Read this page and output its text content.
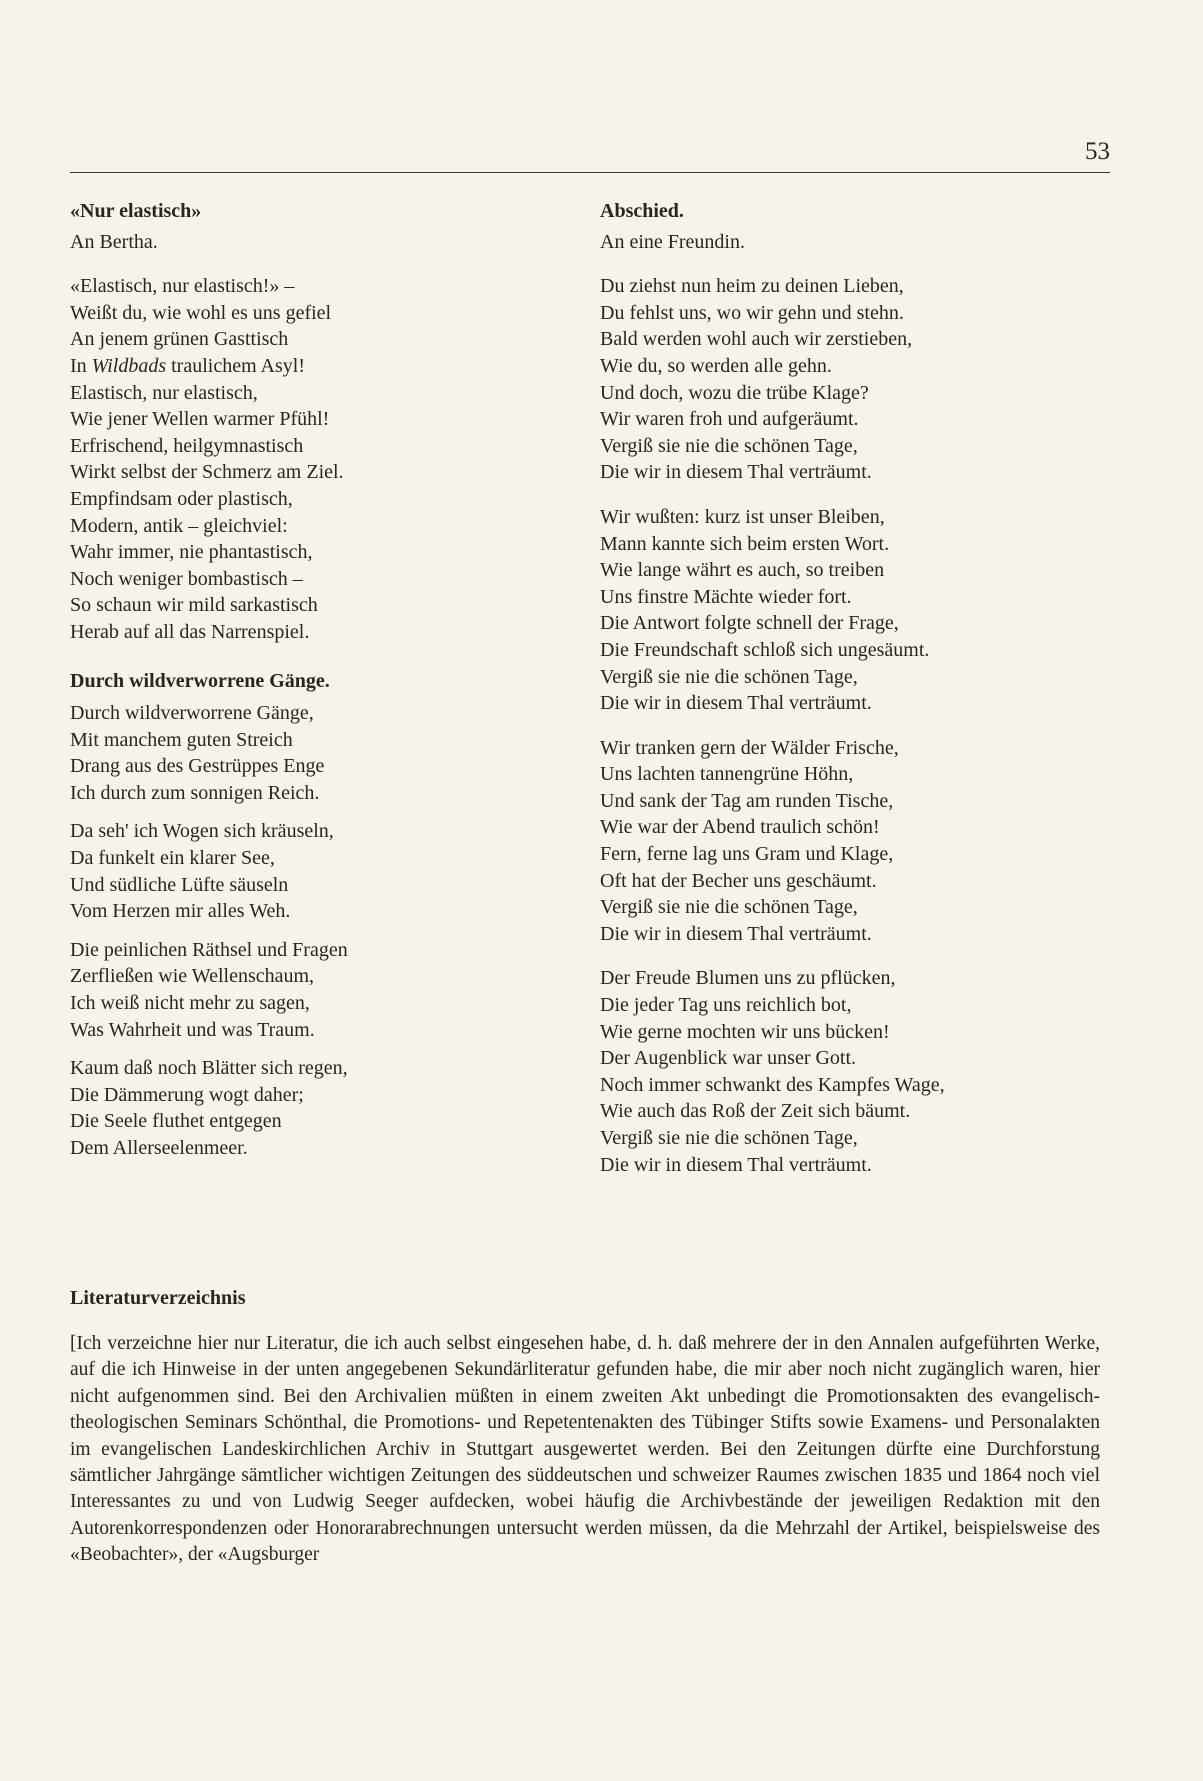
53
«Nur elastisch»
An Bertha.
«Elastisch, nur elastisch!» –
Weißt du, wie wohl es uns gefiel
An jenem grünen Gasttisch
In Wildbads traulichem Asyl!
Elastisch, nur elastisch,
Wie jener Wellen warmer Pfühl!
Erfrischend, heilgymnastisch
Wirkt selbst der Schmerz am Ziel.
Empfindsam oder plastisch,
Modern, antik – gleichviel:
Wahr immer, nie phantastisch,
Noch weniger bombastisch –
So schaun wir mild sarkastisch
Herab auf all das Narrenspiel.
Durch wildverworrene Gänge.
Durch wildverworrene Gänge,
Mit manchem guten Streich
Drang aus des Gestrüppes Enge
Ich durch zum sonnigen Reich.
Da seh' ich Wogen sich kräuseln,
Da funkelt ein klarer See,
Und südliche Lüfte säuseln
Vom Herzen mir alles Weh.
Die peinlichen Räthsel und Fragen
Zerfließen wie Wellenschaum,
Ich weiß nicht mehr zu sagen,
Was Wahrheit und was Traum.
Kaum daß noch Blätter sich regen,
Die Dämmerung wogt daher;
Die Seele fluthet entgegen
Dem Allerseelenmeer.
Abschied.
An eine Freundin.
Du ziehst nun heim zu deinen Lieben,
Du fehlst uns, wo wir gehn und stehn.
Bald werden wohl auch wir zerstieben,
Wie du, so werden alle gehn.
Und doch, wozu die trübe Klage?
Wir waren froh und aufgeräumt.
Vergiß sie nie die schönen Tage,
Die wir in diesem Thal verträumt.
Wir wußten: kurz ist unser Bleiben,
Mann kannte sich beim ersten Wort.
Wie lange währt es auch, so treiben
Uns finstre Mächte wieder fort.
Die Antwort folgte schnell der Frage,
Die Freundschaft schloß sich ungesäumt.
Vergiß sie nie die schönen Tage,
Die wir in diesem Thal verträumt.
Wir tranken gern der Wälder Frische,
Uns lachten tannengrüne Höhn,
Und sank der Tag am runden Tische,
Wie war der Abend traulich schön!
Fern, ferne lag uns Gram und Klage,
Oft hat der Becher uns geschäumt.
Vergiß sie nie die schönen Tage,
Die wir in diesem Thal verträumt.
Der Freude Blumen uns zu pflücken,
Die jeder Tag uns reichlich bot,
Wie gerne mochten wir uns bücken!
Der Augenblick war unser Gott.
Noch immer schwankt des Kampfes Wage,
Wie auch das Roß der Zeit sich bäumt.
Vergiß sie nie die schönen Tage,
Die wir in diesem Thal verträumt.
Literaturverzeichnis
[Ich verzeichne hier nur Literatur, die ich auch selbst eingesehen habe, d. h. daß mehrere der in den Annalen aufgeführten Werke, auf die ich Hinweise in der unten angegebenen Sekundärliteratur gefunden habe, die mir aber noch nicht zugänglich waren, hier nicht aufgenommen sind. Bei den Archivalien müßten in einem zweiten Akt unbedingt die Promotionsakten des evangelisch-theologischen Seminars Schönthal, die Promotions- und Repetentenakten des Tübinger Stifts sowie Examens- und Personalakten im evangelischen Landeskirchlichen Archiv in Stuttgart ausgewertet werden. Bei den Zeitungen dürfte eine Durchforstung sämtlicher Jahrgänge sämtlicher wichtigen Zeitungen des süddeutschen und schweizer Raumes zwischen 1835 und 1864 noch viel Interessantes zu und von Ludwig Seeger aufdecken, wobei häufig die Archivbestände der jeweiligen Redaktion mit den Autorenkorrespondenzen oder Honorarabrechnungen untersucht werden müssen, da die Mehrzahl der Artikel, beispielsweise des «Beobachter», der «Augsburger
